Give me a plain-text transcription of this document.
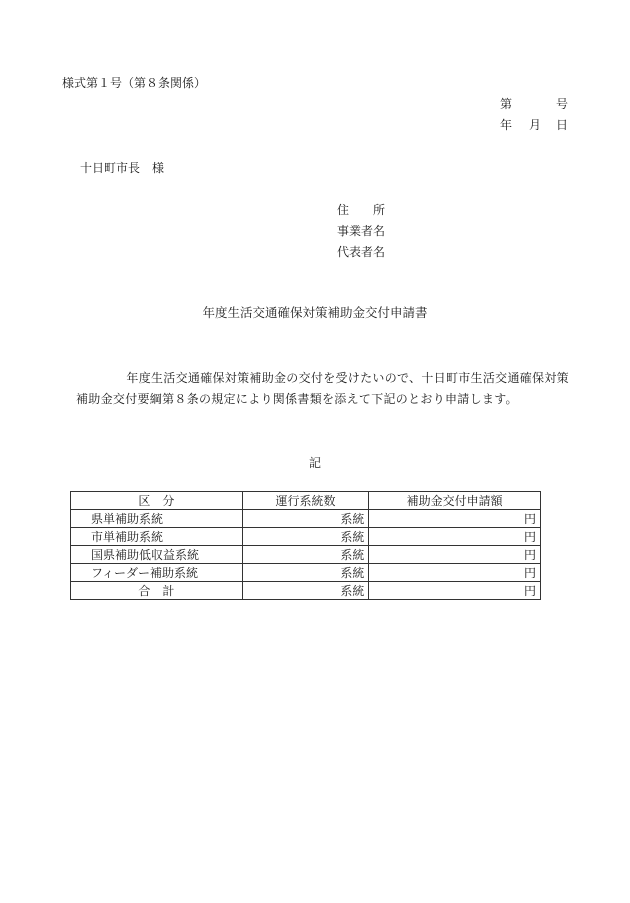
様式第１号（第８条関係）
第	号
年 月 日
十日町市長　様
住　　所
事業者名
代表者名
年度生活交通確保対策補助金交付申請書
年度生活交通確保対策補助金の交付を受けたいので、十日町市生活交通確保対策補助金交付要綱第８条の規定により関係書類を添えて下記のとおり申請します。
記
区　分	運行系統数	補助金交付申請額
県単補助系統	系統	円
市単補助系統	系統	円
国県補助低収益系統	系統	円
フィーダー補助系統	系統	円
合　計	系統	円
